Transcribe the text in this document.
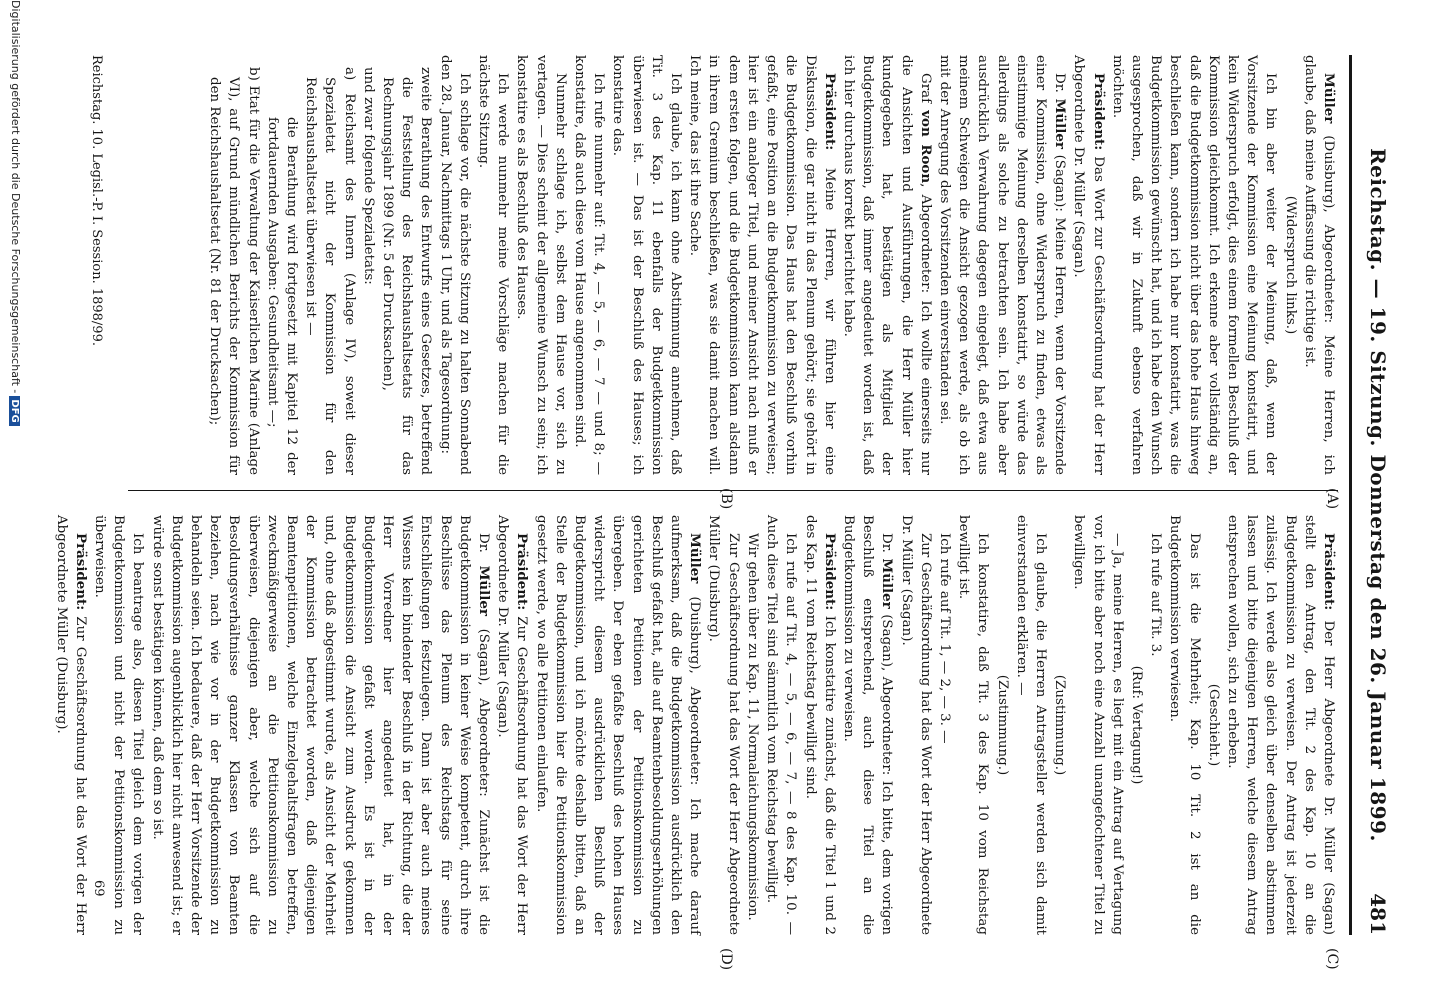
Reichstag. — 19. Sitzung. Donnerstag den 26. Januar 1899.
481
(A)
(B)
(C)
(D)

Präsident: Der Herr Abgeordnete Dr. Müller (Sagan) stellt den Antrag, den Tit. 2 des Kap. 10 an die Budgetkommission zu verweisen. Der Antrag ist jederzeit zulässig. Ich werde also gleich über denselben abstimmen lassen und bitte diejenigen Herren, welche diesem Antrag entsprechen wollen, sich zu erheben.

(Geschieht.)

Das ist die Mehrheit; Kap. 10 Tit. 2 ist an die Budgetkommission verwiesen.

Ich rufe auf Tit. 3.

(Ruf: Vertagung!)

— Ja, meine Herren, es liegt mit ein Antrag auf Vertagung vor, ich bitte aber noch eine Anzahl unangefochtener Titel zu bewilligen.

(Zustimmung.)

Ich glaube, die Herren Antragsteller werden sich damit einverstanden erklären. —

(Zustimmung.)

Ich konstatire, daß Tit. 3 des Kap. 10 vom Reichstag bewilligt ist.

Ich rufe auf Tit. 1, — 2, — 3. —

Zur Geschäftsordnung hat das Wort der Herr Abgeordnete Dr. Müller (Sagan).

Dr. Müller (Sagan), Abgeordneter: Ich bitte, dem vorigen Beschluß entsprechend, auch diese Titel an die Budgetkommission zu verweisen.

Präsident: Ich konstatire zunächst, daß die Titel 1 und 2 des Kap. 11 vom Reichstag bewilligt sind.

Ich rufe auf Tit. 4, — 5, — 6, — 7, — 8 des Kap. 10. — Auch diese Titel sind sämmtlich vom Reichstag bewilligt.

Wir gehen über zu Kap. 11, Normalaichungskommission.

Zur Geschäftsordnung hat das Wort der Herr Abgeordnete Müller (Duisburg).

Müller (Duisburg), Abgeordneter: Ich mache darauf aufmerksam, daß die Budgetkommission ausdrücklich den Beschluß gefaßt hat, alle auf Beamtenbesoldungserhöhungen gerichteten Petitionen der Petitionskommission zu übergeben. Der eben gefaßte Beschluß des hohen Hauses widerspricht diesem ausdrücklichen Beschluß der Budgetkommission, und ich möchte deshalb bitten, daß an Stelle der Budgetkommission hier die Petitionskommission gesetzt werde, wo alle Petitionen einlaufen.

Präsident: Zur Geschäftsordnung hat das Wort der Herr Abgeordnete Dr. Müller (Sagan).

Dr. Müller (Sagan), Abgeordneter: Zunächst ist die Budgetkommission in keiner Weise kompetent, durch ihre Beschlüsse das Plenum des Reichstags für seine Entschließungen festzulegen. Dann ist aber auch meines Wissens kein bindender Beschluß in der Richtung, die der Herr Vorredner hier angedeutet hat, in der Budgetkommission gefaßt worden. Es ist in der Budgetkommission die Ansicht zum Ausdruck gekommen und, ohne daß abgestimmt wurde, als Ansicht der Mehrheit der Kommission betrachtet worden, daß diejenigen Beamtenpetitionen, welche Einzelgehaltsfragen betreffen, zweckmäßigerweise an die Petitionskommission zu überweisen, diejenigen aber, welche sich auf die Besoldungsverhältnisse ganzer Klassen von Beamten beziehen, nach wie vor in der Budgetkommission zu behandeln seien. Ich bedauere, daß der Herr Vorsitzende der Budgetkommission augenblicklich hier nicht anwesend ist; er würde sonst bestätigen können, daß dem so ist.

Ich beantrage also, diesen Titel gleich dem vorigen der Budgetkommission und nicht der Petitionskommission zu überweisen.

Präsident: Zur Geschäftsordnung hat das Wort der Herr Abgeordnete Müller (Duisburg).

Müller (Duisburg), Abgeordneter: Meine Herren, ich glaube, daß meine Auffassung die richtige ist.

(Widerspruch links.)

Ich bin aber weiter der Meinung, daß, wenn der Vorsitzende der Kommission eine Meinung konstatirt, und kein Widerspruch erfolgt, dies einem formellen Beschluß der Kommission gleichkommt. Ich erkenne aber vollständig an, daß die Budgetkommission nicht über das hohe Haus hinweg beschließen kann, sondern ich habe nur konstatirt, was die Budgetkommission gewünscht hat, und ich habe den Wunsch ausgesprochen, daß wir in Zukunft ebenso verfahren möchten.

Präsident: Das Wort zur Geschäftsordnung hat der Herr Abgeordnete Dr. Müller (Sagan).

Dr. Müller (Sagan): Meine Herren, wenn der Vorsitzende einer Kommission, ohne Widerspruch zu finden, etwas als einstimmige Meinung derselben konstatirt, so würde das allerdings als solche zu betrachten sein. Ich habe aber ausdrücklich Verwahrung dagegen eingelegt, daß etwa aus meinem Schweigen die Ansicht gezogen werde, als ob ich mit der Anregung des Vorsitzenden einverstanden sei.

Graf von Roon, Abgeordneter: Ich wollte einerseits nur die Ansichten und Ausführungen, die Herr Müller hier kundgegeben hat, bestätigen als Mitglied der Budgetkommission, daß immer angedeutet worden ist, daß ich hier durchaus korrekt berichtet habe.

Präsident: Meine Herren, wir führen hier eine Diskussion, die gar nicht in das Plenum gehört; sie gehört in die Budgetkommission. Das Haus hat den Beschluß vorhin gefaßt, eine Position an die Budgetkommission zu verweisen; hier ist ein analoger Titel, und meiner Ansicht nach muß er dem ersten folgen, und die Budgetkommission kann alsdann in ihrem Gremium beschließen, was sie damit machen will. Ich meine, das ist ihre Sache.

Ich glaube, ich kann ohne Abstimmung annehmen, daß Tit. 3 des Kap. 11 ebenfalls der Budgetkommission überwiesen ist. — Das ist der Beschluß des Hauses; ich konstatire das.

Ich rufe nunmehr auf: Tit. 4, — 5, — 6, — 7 — und 8; — konstatire, daß auch diese vom Hause angenommen sind.

Nunmehr schlage ich, selbst dem Hause vor, sich zu vertagen. — Dies scheint der allgemeine Wunsch zu sein; ich konstatire es als Beschluß des Hauses.

Ich werde nunmehr meine Vorschläge machen für die nächste Sitzung.

Ich schlage vor, die nächste Sitzung zu halten Sonnabend den 28. Januar, Nachmittags 1 Uhr, und als Tagesordnung:

zweite Berathung des Entwurfs eines Gesetzes, betreffend die Feststellung des Reichshaushaltsetats für das Rechnungsjahr 1899 (Nr. 5 der Drucksachen),

und zwar folgende Spezialetats:

a) Reichsamt des Innern (Anlage IV), soweit dieser Spezialetat nicht der Kommission für den Reichshaushaltsetat überwiesen ist —

die Berathung wird fortgesetzt mit Kapitel 12 der fortdauernden Ausgaben: Gesundheitsamt —;

b) Etat für die Verwaltung der Kaiserlichen Marine (Anlage VI), auf Grund mündlichen Berichts der Kommission für den Reichshaushaltsetat (Nr. 81 der Drucksachen);

Reichstag. 10. Legisl.-P. I. Session. 1898/99.
69
Digitalisierung gefördert durch die Deutsche Forschungsgemeinschaft -DFG
